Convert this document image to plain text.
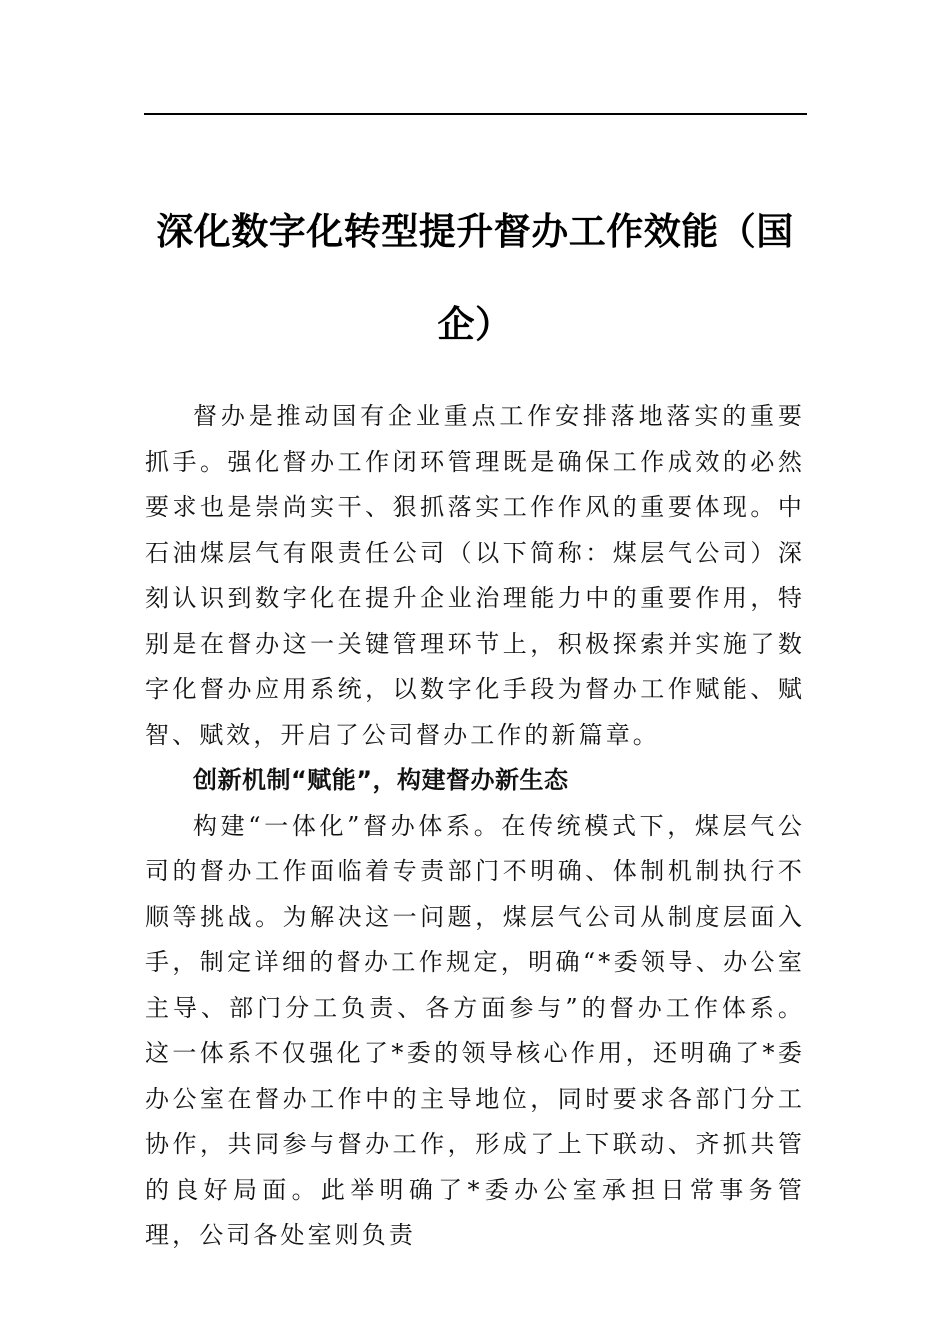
深化数字化转型提升督办工作效能（国
企）

督办是推动国有企业重点工作安排落地落实的重要抓手。强化督办工作闭环管理既是确保工作成效的必然要求也是崇尚实干、狠抓落实工作作风的重要体现。中石油煤层气有限责任公司（以下简称：煤层气公司）深刻认识到数字化在提升企业治理能力中的重要作用，特别是在督办这一关键管理环节上，积极探索并实施了数字化督办应用系统，以数字化手段为督办工作赋能、赋智、赋效，开启了公司督办工作的新篇章。

创新机制“赋能”，构建督办新生态

构建“一体化”督办体系。在传统模式下，煤层气公司的督办工作面临着专责部门不明确、体制机制执行不顺等挑战。为解决这一问题，煤层气公司从制度层面入手，制定详细的督办工作规定，明确“*委领导、办公室主导、部门分工负责、各方面参与”的督办工作体系。这一体系不仅强化了*委的领导核心作用，还明确了*委办公室在督办工作中的主导地位，同时要求各部门分工协作，共同参与督办工作，形成了上下联动、齐抓共管的良好局面。此举明确了*委办公室承担日常事务管理，公司各处室则负责
